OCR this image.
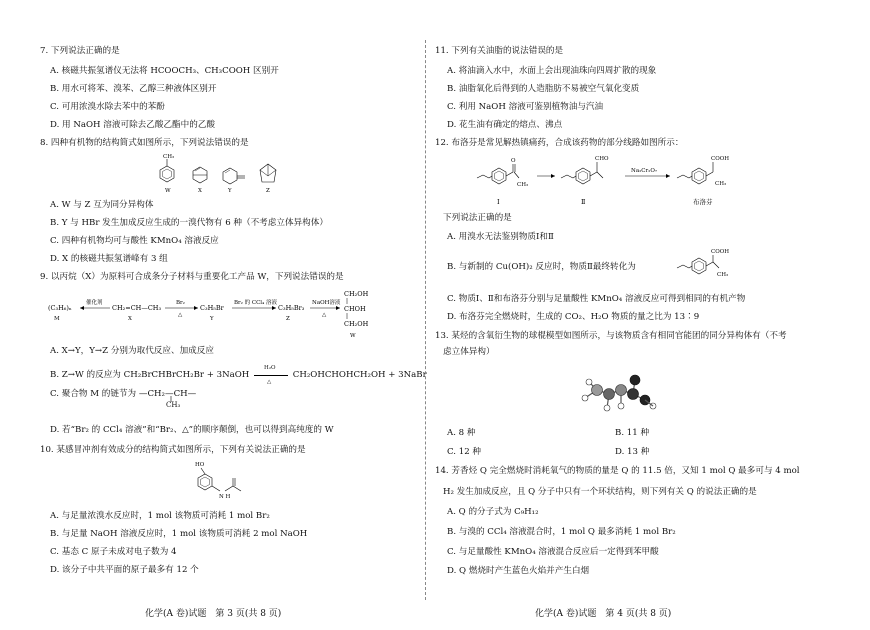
7. 下列说法正确的是
A. 核磁共振氢谱仪无法将 HCOOCH₃、CH₃COOH 区别开
B. 用水可将苯、溴苯、乙醇三种液体区别开
C. 可用浓溴水除去苯中的苯酚
D. 用 NaOH 溶液可除去乙酸乙酯中的乙酸
8. 四种有机物的结构简式如图所示，下列说法错误的是
CH₃
W	X	Y	Z
A. W 与 Z 互为同分异构体
B. Y 与 HBr 发生加成反应生成的一溴代物有 6 种（不考虑立体异构体）
C. 四种有机物均可与酸性 KMnO₄ 溶液反应
D. X 的核磁共振氢谱峰有 3 组
9. 以丙烷（X）为原料可合成条分子材料与重要化工产品 W，下列说法错误的是
(C₃H₆)ₙ
M
催化剂
CH₂=CH—CH₃
X
Br₂
△
C₃H₅Br
Y
Br₂ 的 CCl₄ 溶液
C₃H₅Br₃
Z
NaOH溶液
△
CH₂OH
CHOH
CH₂OH
W
A. X→Y，Y→Z 分别为取代反应、加成反应
B. Z→W 的反应为 CH₂BrCHBrCH₂Br + 3NaOH
H₂O
△
CH₂OHCHOHCH₂OH + 3NaBr
C. 聚合物 M 的链节为 —CH₂—CH—
CH₃
D. 若“Br₂ 的 CCl₄ 溶液”和“Br₂、△”的顺序颠倒，也可以得到高纯度的 W
10. 某感冒冲剂有效成分的结构简式如图所示，下列有关说法正确的是
HO
N H
A. 与足量浓溴水反应时，1 mol 该物质可消耗 1 mol Br₂
B. 与足量 NaOH 溶液反应时，1 mol 该物质可消耗 2 mol NaOH
C. 基态 C 原子未成对电子数为 4
D. 该分子中共平面的原子最多有 12 个
化学(A 卷)试题　第 3 页(共 8 页)
11. 下列有关油脂的说法错误的是
A. 将油滴入水中，水面上会出现油珠向四周扩散的现象
B. 油脂氧化后得到的人造脂肪不易被空气氧化变质
C. 利用 NaOH 溶液可鉴别植物油与汽油
D. 花生油有确定的熔点、沸点
12. 布洛芬是常见解热镇痛药，合成该药物的部分线路如图所示：
O
CH₃
Ⅰ
CHO
Ⅱ
Na₂Cr₂O₇
COOH
CH₃
布洛芬
下列说法正确的是
A. 用溴水无法鉴别物质Ⅰ和Ⅱ
B. 与新制的 Cu(OH)₂ 反应时，物质Ⅱ最终转化为
COOH
CH₃
C. 物质Ⅰ、Ⅱ和布洛芬分别与足量酸性 KMnO₄ 溶液反应可得到相同的有机产物
D. 布洛芬完全燃烧时，生成的 CO₂、H₂O 物质的量之比为 13∶9
13. 某烃的含氧衍生物的球棍模型如图所示，与该物质含有相同官能团的同分异构体有（不考
虑立体异构）
A. 8 种	B. 11 种
C. 12 种	D. 13 种
14. 芳香烃 Q 完全燃烧时消耗氧气的物质的量是 Q 的 11.5 倍，又知 1 mol Q 最多可与 4 mol
H₂ 发生加成反应，且 Q 分子中只有一个环状结构，则下列有关 Q 的说法正确的是
A. Q 的分子式为 C₉H₁₂
B. 与溴的 CCl₄ 溶液混合时，1 mol Q 最多消耗 1 mol Br₂
C. 与足量酸性 KMnO₄ 溶液混合反应后一定得到苯甲酸
D. Q 燃烧时产生蓝色火焰并产生白烟
化学(A 卷)试题　第 4 页(共 8 页)
